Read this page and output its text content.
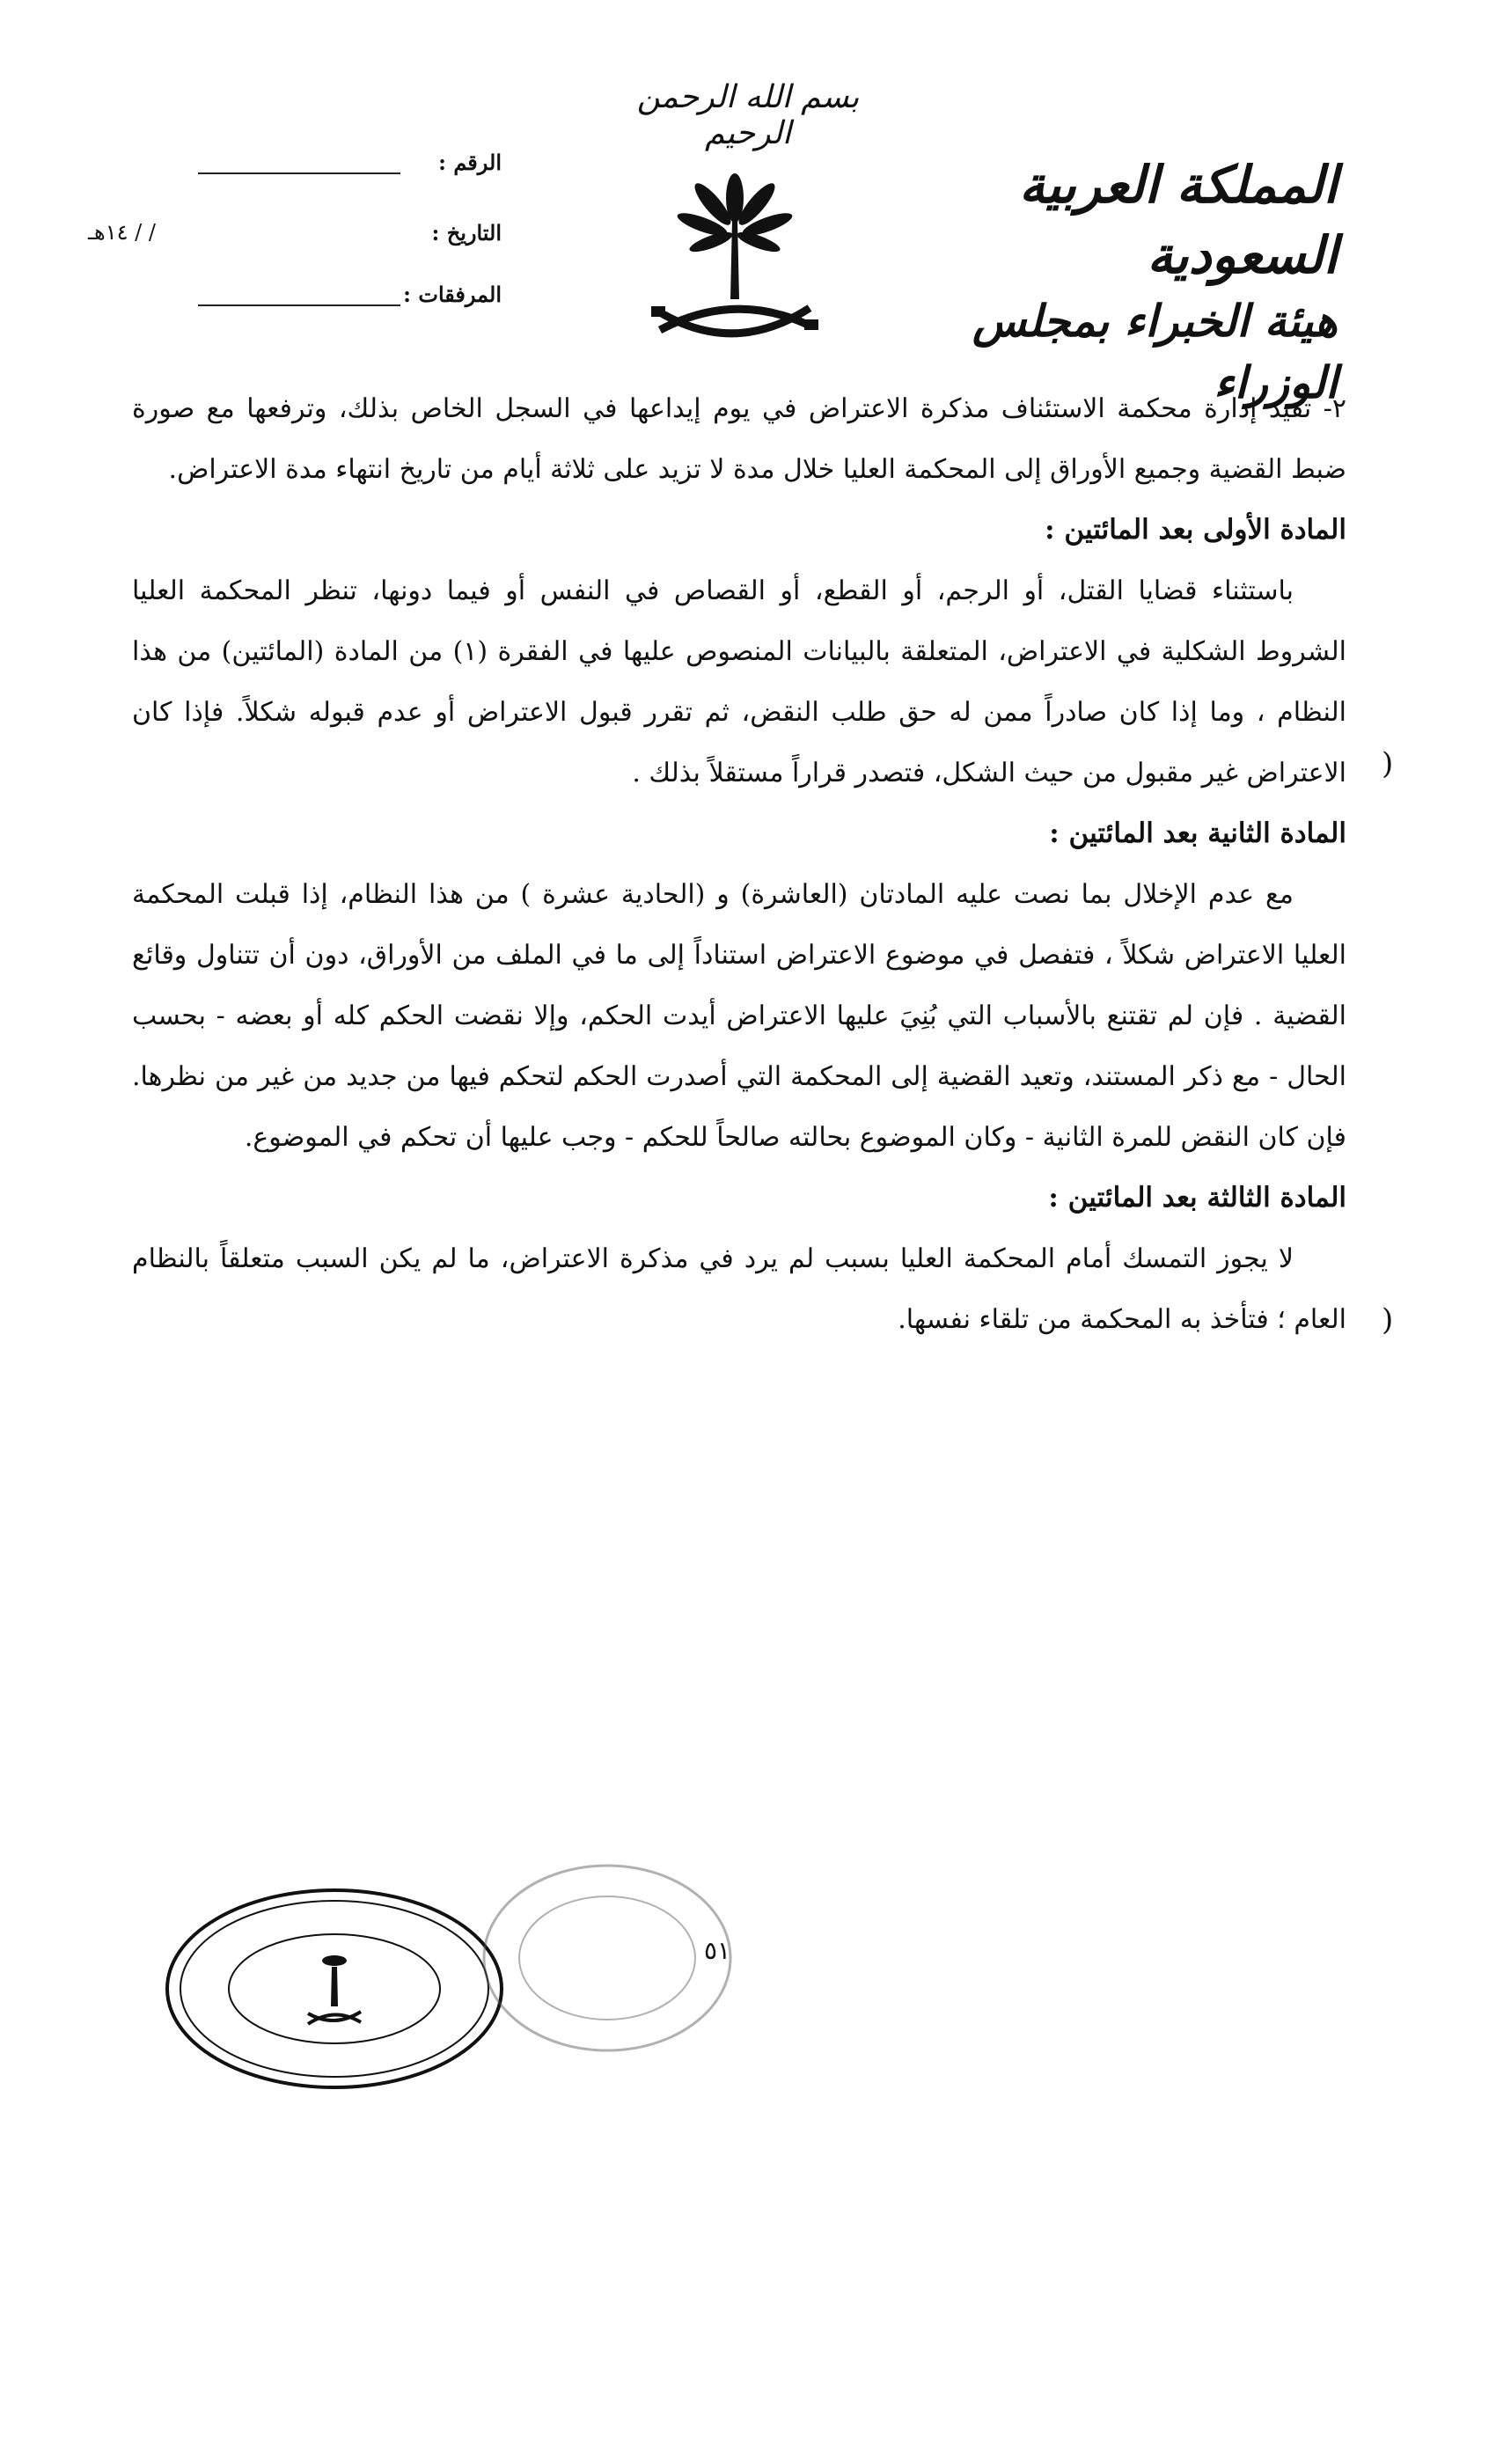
بسم الله الرحمن الرحيم
المملكة العربية السعودية
هيئة الخبراء بمجلس الوزراء
الرقم :
التاريخ :
/ / ١٤هـ
المرفقات :

٢- تقيد إدارة محكمة الاستئناف مذكرة الاعتراض في يوم إيداعها في السجل الخاص بذلك، وترفعها مع صورة ضبط القضية وجميع الأوراق إلى المحكمة العليا خلال مدة لا تزيد على ثلاثة أيام من تاريخ انتهاء مدة الاعتراض.

المادة الأولى بعد المائتين :

باستثناء قضايا القتل، أو الرجم، أو القطع، أو القصاص في النفس أو فيما دونها، تنظر المحكمة العليا الشروط الشكلية في الاعتراض، المتعلقة بالبيانات المنصوص عليها في الفقرة (١) من المادة (المائتين) من هذا النظام ، وما إذا كان صادراً ممن له حق طلب النقض، ثم تقرر قبول الاعتراض أو عدم قبوله شكلاً. فإذا كان الاعتراض غير مقبول من حيث الشكل، فتصدر قراراً مستقلاً بذلك .

المادة الثانية بعد المائتين :

مع عدم الإخلال بما نصت عليه المادتان (العاشرة) و (الحادية عشرة ) من هذا النظام، إذا قبلت المحكمة العليا الاعتراض شكلاً ، فتفصل في موضوع الاعتراض استناداً إلى ما في الملف من الأوراق، دون أن تتناول وقائع القضية . فإن لم تقتنع بالأسباب التي بُنِيَ عليها الاعتراض أيدت الحكم، وإلا نقضت الحكم كله أو بعضه - بحسب الحال - مع ذكر المستند، وتعيد القضية إلى المحكمة التي أصدرت الحكم لتحكم فيها من جديد من غير من نظرها. فإن كان النقض للمرة الثانية - وكان الموضوع بحالته صالحاً للحكم - وجب عليها أن تحكم في الموضوع.

المادة الثالثة بعد المائتين :

لا يجوز التمسك أمام المحكمة العليا بسبب لم يرد في مذكرة الاعتراض، ما لم يكن السبب متعلقاً بالنظام العام ؛ فتأخذ به المحكمة من تلقاء نفسها.

)
)
٥١
